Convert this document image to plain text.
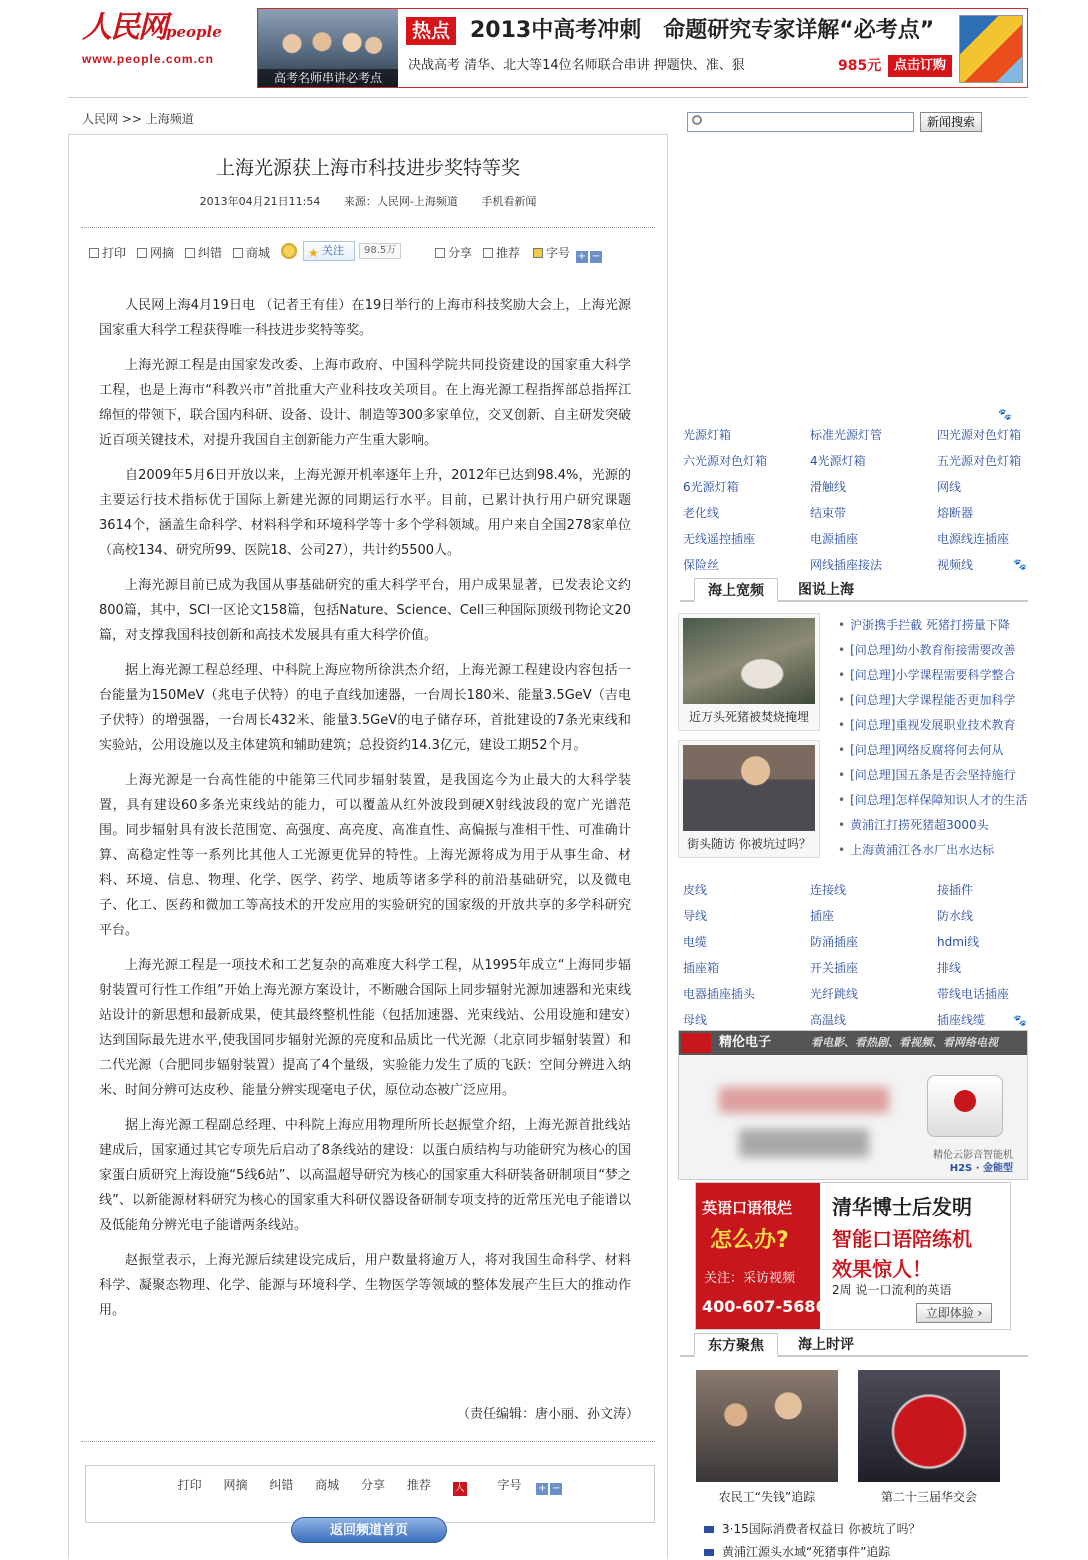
人民网people
www.people.com.cn
高考名师串讲必考点
热点 2013中高考冲刺　命题研究专家详解“必考点”
决战高考 清华、北大等14位名师联合串讲 押题快、准、狠	985元 点击订购
人民网 >> 上海频道
上海光源获上海市科技进步奖特等奖
2013年04月21日11:54 来源：人民网-上海频道 手机看新闻
打印	网摘	纠错	商城	★ 关注	98.5万	分享	推荐	字号 + −

人民网上海4月19日电 （记者王有佳）在19日举行的上海市科技奖励大会上，上海光源国家重大科学工程获得唯一科技进步奖特等奖。

上海光源工程是由国家发改委、上海市政府、中国科学院共同投资建设的国家重大科学工程，也是上海市“科教兴市”首批重大产业科技攻关项目。在上海光源工程指挥部总指挥江绵恒的带领下，联合国内科研、设备、设计、制造等300多家单位，交叉创新、自主研发突破近百项关键技术，对提升我国自主创新能力产生重大影响。

自2009年5月6日开放以来，上海光源开机率逐年上升，2012年已达到98.4%，光源的主要运行技术指标优于国际上新建光源的同期运行水平。目前，已累计执行用户研究课题3614个，涵盖生命科学、材料科学和环境科学等十多个学科领域。用户来自全国278家单位（高校134、研究所99、医院18、公司27），共计约5500人。

上海光源目前已成为我国从事基础研究的重大科学平台，用户成果显著，已发表论文约800篇，其中，SCI一区论文158篇，包括Nature、Science、Cell三种国际顶级刊物论文20篇，对支撑我国科技创新和高技术发展具有重大科学价值。

据上海光源工程总经理、中科院上海应物所徐洪杰介绍，上海光源工程建设内容包括一台能量为150MeV（兆电子伏特）的电子直线加速器，一台周长180米、能量3.5GeV（吉电子伏特）的增强器，一台周长432米、能量3.5GeV的电子储存环，首批建设的7条光束线和实验站，公用设施以及主体建筑和辅助建筑；总投资约14.3亿元，建设工期52个月。

上海光源是一台高性能的中能第三代同步辐射装置，是我国迄今为止最大的大科学装置，具有建设60多条光束线站的能力，可以覆盖从红外波段到硬X射线波段的宽广光谱范围。同步辐射具有波长范围宽、高强度、高亮度、高准直性、高偏振与准相干性、可准确计算、高稳定性等一系列比其他人工光源更优异的特性。上海光源将成为用于从事生命、材料、环境、信息、物理、化学、医学、药学、地质等诸多学科的前沿基础研究，以及微电子、化工、医药和微加工等高技术的开发应用的实验研究的国家级的开放共享的多学科研究平台。

上海光源工程是一项技术和工艺复杂的高难度大科学工程，从1995年成立“上海同步辐射装置可行性工作组”开始上海光源方案设计，不断融合国际上同步辐射光源加速器和光束线站设计的新思想和最新成果，使其最终整机性能（包括加速器、光束线站、公用设施和建安）达到国际最先进水平,使我国同步辐射光源的亮度和品质比一代光源（北京同步辐射装置）和二代光源（合肥同步辐射装置）提高了4个量级，实验能力发生了质的飞跃：空间分辨进入纳米、时间分辨可达皮秒、能量分辨实现毫电子伏，原位动态被广泛应用。

据上海光源工程副总经理、中科院上海应用物理所所长赵振堂介绍，上海光源首批线站建成后，国家通过其它专项先后启动了8条线站的建设：以蛋白质结构与功能研究为核心的国家蛋白质研究上海设施“5线6站”、以高温超导研究为核心的国家重大科研装备研制项目“梦之线”、以新能源材料研究为核心的国家重大科研仪器设备研制专项支持的近常压光电子能谱以及低能角分辨光电子能谱两条线站。

赵振堂表示，上海光源后续建设完成后，用户数量将逾万人，将对我国生命科学、材料科学、凝聚态物理、化学、能源与环境科学、生物医学等领域的整体发展产生巨大的推动作用。

（责任编辑：唐小丽、孙文涛）
打印 网摘 纠错 商城 分享 推荐 人	字号 + −
返回频道首页
新闻搜索
🐾
光源灯箱	标准光源灯管	四光源对色灯箱
六光源对色灯箱	4光源灯箱	五光源对色灯箱
6光源灯箱	滑触线	网线
老化线	结束带	熔断器
无线遥控插座	电源插座	电源线连插座
保险丝	网线插座接法	视频线	🐾
海上宽频	图说上海
近万头死猪被焚烧掩埋
街头随访 你被坑过吗？
• 沪浙携手拦截 死猪打捞量下降
• [问总理]幼小教育衔接需要改善
• [问总理]小学课程需要科学整合
• [问总理]大学课程能否更加科学
• [问总理]重视发展职业技术教育
• [问总理]网络反腐将何去何从
• [问总理]国五条是否会坚持施行
• [问总理]怎样保障知识人才的生活
• 黄浦江打捞死猪超3000头
• 上海黄浦江各水厂出水达标
皮线	连接线	接插件
导线	插座	防水线
电缆	防涌插座	hdmi线
插座箱	开关插座	排线
电器插座插头	光纤跳线	带线电话插座
母线	高温线	插座线缆	🐾
精伦电子	看电影、看热剧、看视频、看网络电视
精伦云影音智能机
H2S · 金能型
英语口语很烂
怎么办?
关注：采访视频
400-607-5686
清华博士后发明
智能口语陪练机
效果惊人！
2周 说一口流利的英语
立即体验 ›
东方聚焦	海上时评
农民工“失钱”追踪	第二十三届华交会
3·15国际消费者权益日 你被坑了吗？
黄浦江源头水域“死猪事件”追踪
